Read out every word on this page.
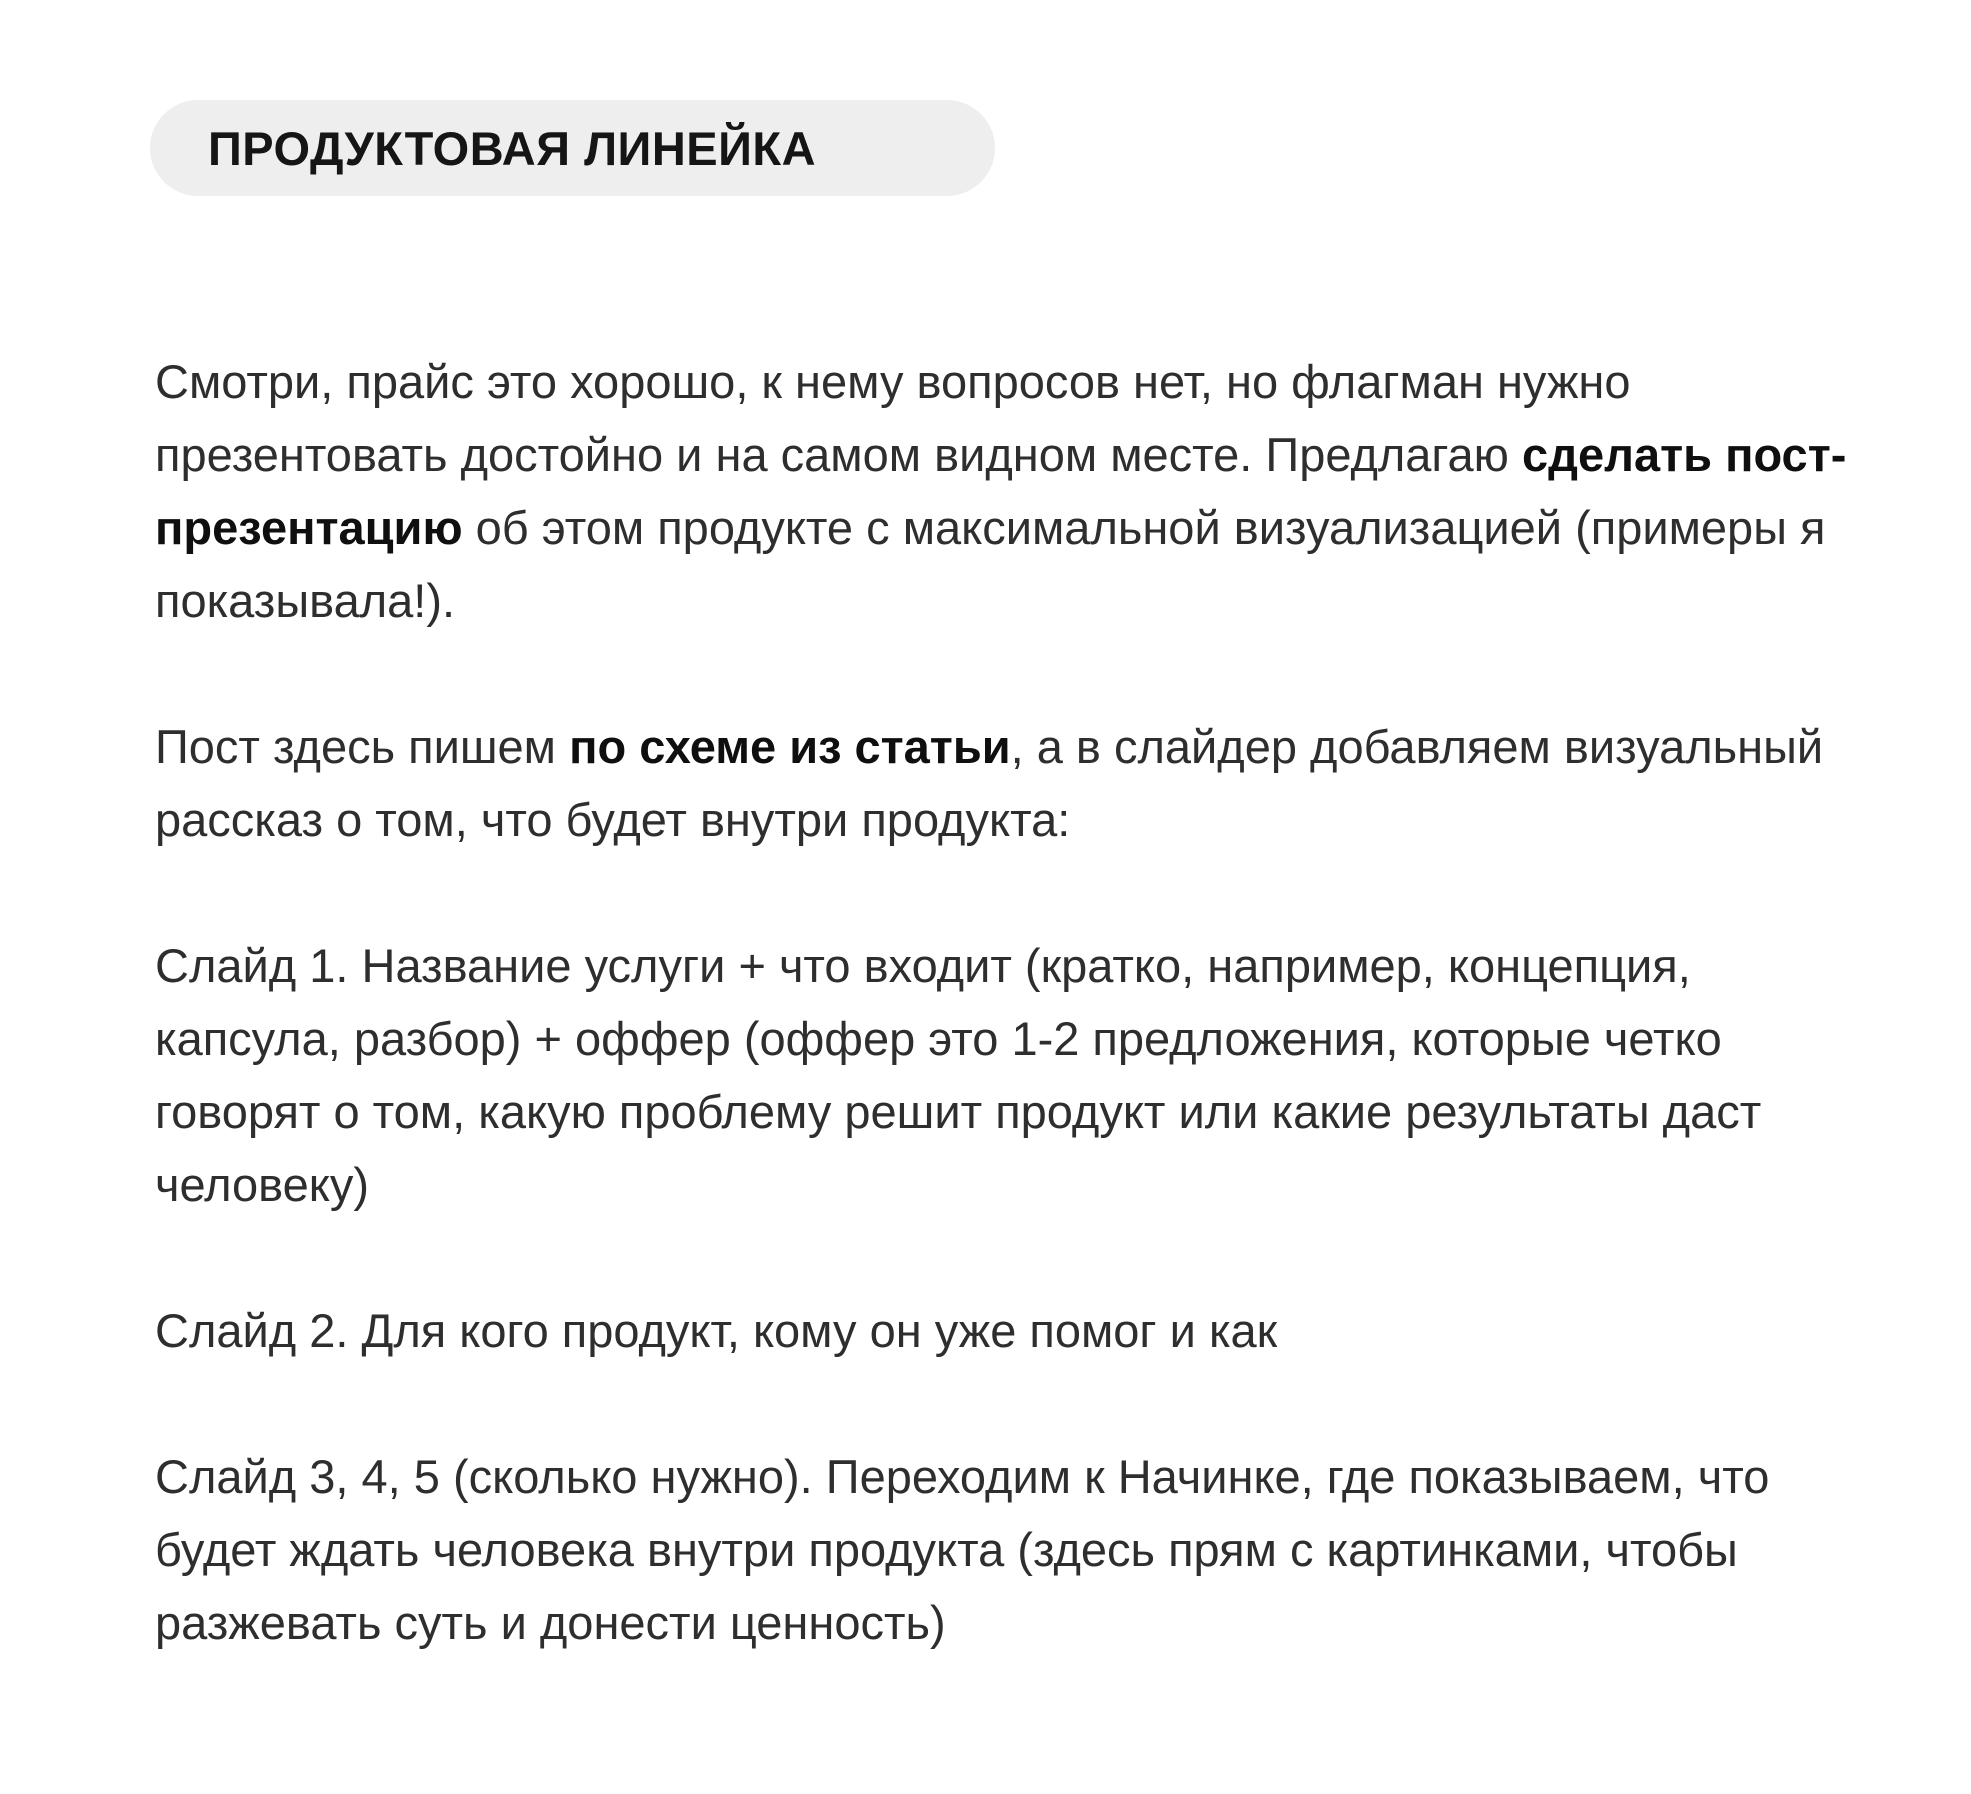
ПРОДУКТОВАЯ ЛИНЕЙКА

Смотри, прайс это хорошо, к нему вопросов нет, но флагман нужно презентовать достойно и на самом видном месте. Предлагаю сделать пост-презентацию об этом продукте с максимальной визуализацией (примеры я показывала!).

Пост здесь пишем по схеме из статьи, а в слайдер добавляем визуальный рассказ о том, что будет внутри продукта:

Слайд 1. Название услуги + что входит (кратко, например, концепция, капсула, разбор) + оффер (оффер это 1-2 предложения, которые четко говорят о том, какую проблему решит продукт или какие результаты даст человеку)

Слайд 2. Для кого продукт, кому он уже помог и как

Слайд 3, 4, 5 (сколько нужно). Переходим к Начинке, где показываем, что будет ждать человека внутри продукта (здесь прям с картинками, чтобы разжевать суть и донести ценность)
